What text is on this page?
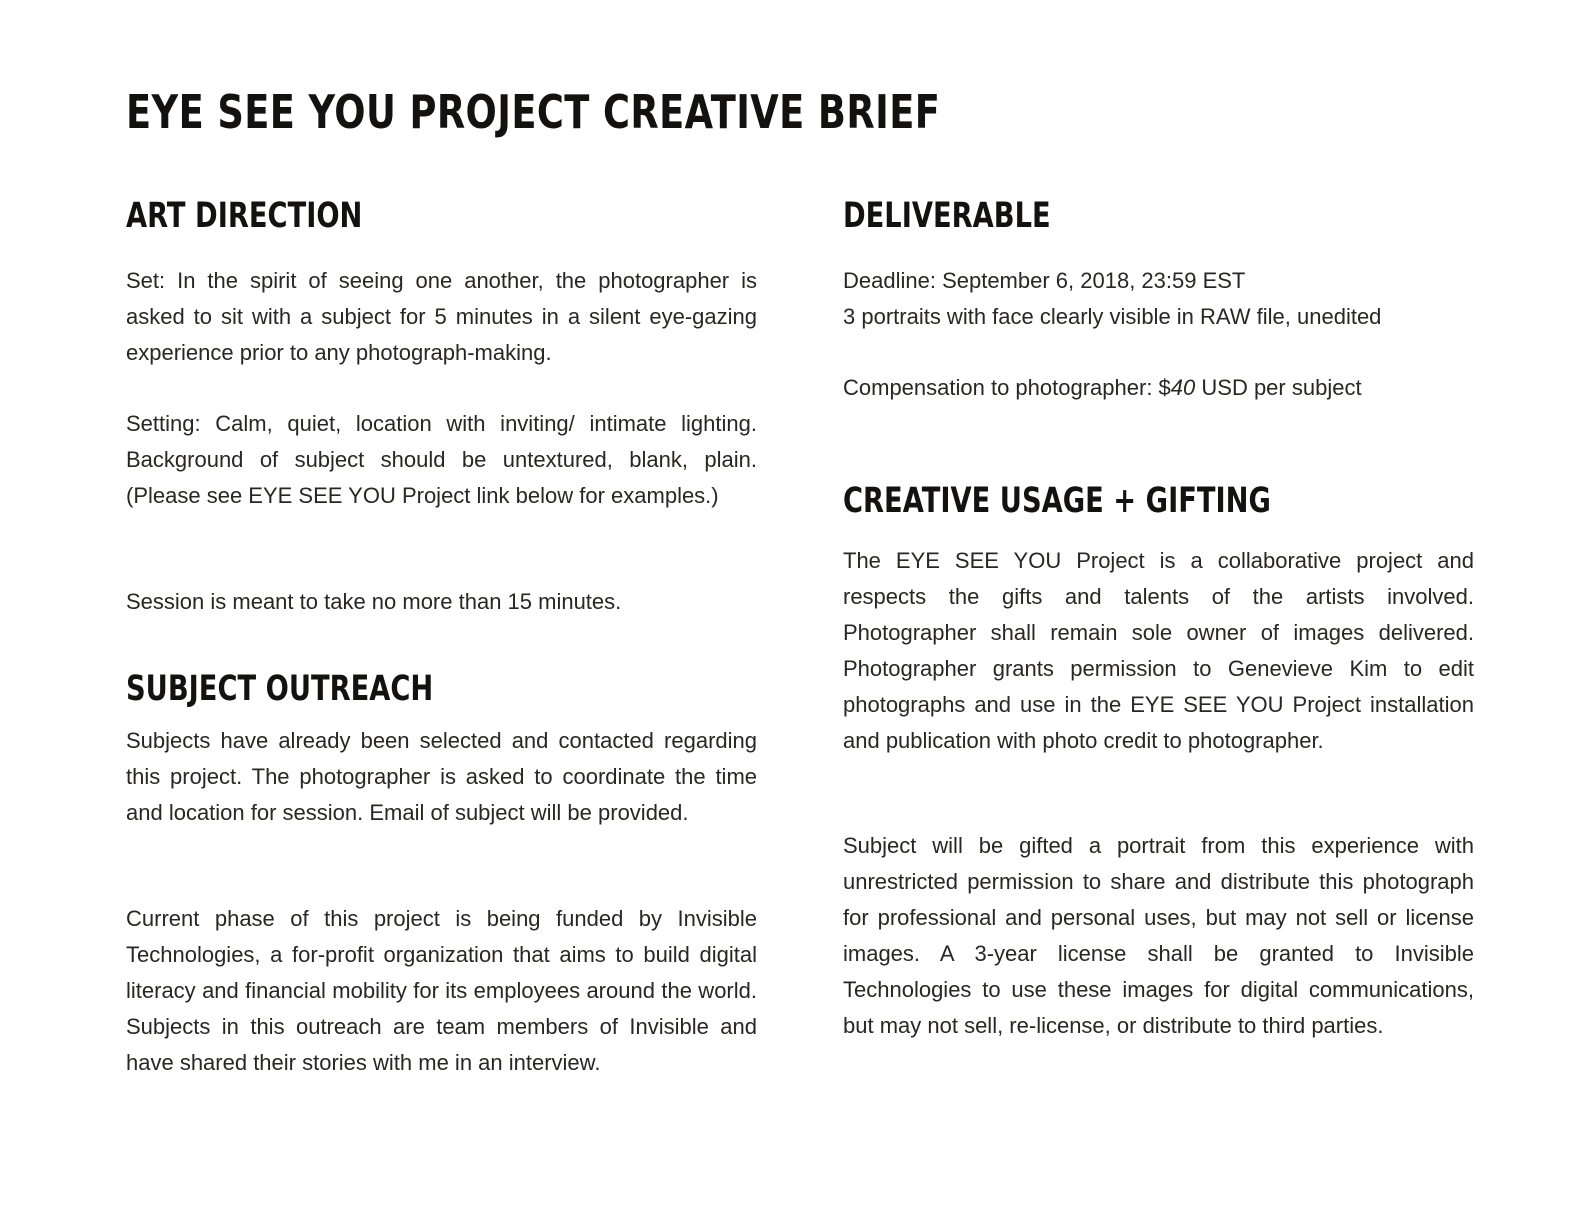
EYE SEE YOU PROJECT CREATIVE BRIEF
ART DIRECTION

Set: In the spirit of seeing one another, the photographer is asked to sit with a subject for 5 minutes in a silent eye-gazing experience prior to any photograph-making.

Setting: Calm, quiet, location with inviting/ intimate lighting. Background of subject should be untextured, blank, plain. (Please see EYE SEE YOU Project link below for examples.)

Session is meant to take no more than 15 minutes.

SUBJECT OUTREACH

Subjects have already been selected and contacted regarding this project. The photographer is asked to coordinate the time and location for session. Email of subject will be provided.

Current phase of this project is being funded by Invisible Technologies, a for-profit organization that aims to build digital literacy and financial mobility for its employees around the world. Subjects in this outreach are team members of Invisible and have shared their stories with me in an interview.

DELIVERABLE
Deadline: September 6, 2018, 23:59 EST
3 portraits with face clearly visible in RAW file, unedited
Compensation to photographer: $40 USD per subject
CREATIVE USAGE + GIFTING

The EYE SEE YOU Project is a collaborative project and respects the gifts and talents of the artists involved. Photographer shall remain sole owner of images delivered. Photographer grants permission to Genevieve Kim to edit photographs and use in the EYE SEE YOU Project installation and publication with photo credit to photographer.

Subject will be gifted a portrait from this experience with unrestricted permission to share and distribute this photograph for professional and personal uses, but may not sell or license images. A 3-year license shall be granted to Invisible Technologies to use these images for digital communications, but may not sell, re-license, or distribute to third parties.
